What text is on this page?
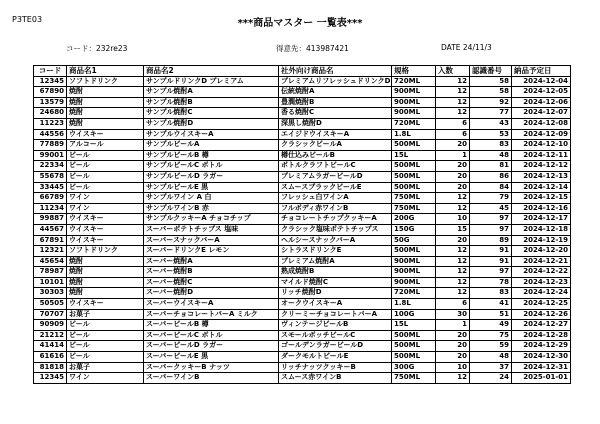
P3TE03	***商品マスター 一覧表***
コード：232re23	得意先：413987421	DATE 24/11/3
コード	商品名1	商品名2	社外向け商品名	規格	入数	認識番号	納品予定日
12345	ソフトドリンク	サンプルドリンクD プレミアム	プレミアムリフレッシュドリンクD	720ML	12	58	2024-12-04
67890	焼酎	サンプル焼酎A	伝統焼酎A	900ML	12	58	2024-12-05
13579	焼酎	サンプル焼酎B	豊潤焼酎B	900ML	12	92	2024-12-06
24680	焼酎	サンプル焼酎C	香る焼酎C	900ML	12	77	2024-12-07
11223	焼酎	サンプル焼酎D	深黒し焼酎D	720ML	6	43	2024-12-08
44556	ウイスキー	サンプルウイスキーA	エイジドウイスキーA	1.8L	6	53	2024-12-09
77889	アルコール	サンプルビールA	クラシックビールA	500ML	20	83	2024-12-10
99001	ビール	サンプルビールB 樽	樽仕込みビールB	15L	1	48	2024-12-11
22334	ビール	サンプルビールC ボトル	ボトルクラフトビールC	500ML	20	81	2024-12-12
55678	ビール	サンプルビールD ラガー	プレミアムラガービールD	500ML	20	86	2024-12-13
33445	ビール	サンプルビールE 黒	スムースブラックビールE	500ML	20	84	2024-12-14
66789	ワイン	サンプルワイン A 白	フレッシュ白ワインA	750ML	12	79	2024-12-15
11234	ワイン	サンプルワインB 赤	フルボディ赤ワインB	750ML	12	45	2024-12-16
99887	ウイスキー	サンプルクッキーA チョコチップ	チョコレートチップクッキーA	200G	10	97	2024-12-17
44567	ウイスキー	スーパーポテトチップス 塩味	クラシック塩味ポテトチップス	150G	15	97	2024-12-18
67891	ウイスキー	スーパースナックバーA	ヘルシースナックバーA	50G	20	89	2024-12-19
12321	ソフトドリンク	スーパードリンクE レモン	シトラスドリンクE	500ML	12	91	2024-12-20
45654	焼酎	スーパー焼酎A	プレミアム焼酎A	900ML	12	91	2024-12-21
78987	焼酎	スーパー焼酎B	熟成焼酎B	900ML	12	97	2024-12-22
10101	焼酎	スーパー焼酎C	マイルド焼酎C	900ML	12	78	2024-12-23
30303	焼酎	スーパー焼酎D	リッチ焼酎D	720ML	12	83	2024-12-24
50505	ウイスキー	スーパーウイスキーA	オークウイスキーA	1.8L	6	41	2024-12-25
70707	お菓子	スーパーチョコレートバーA ミルク	クリーミーチョコレートバーA	100G	30	51	2024-12-26
90909	ビール	スーパービールB 樽	ヴィンテージビールB	15L	1	49	2024-12-27
21212	ビール	スーパービールC ボトル	スモールボッチビールC	500ML	20	75	2024-12-28
41414	ビール	スーパービールD ラガー	ゴールデンラガービールD	500ML	20	59	2024-12-29
61616	ビール	スーパービールE 黒	ダークモルトビールE	500ML	20	48	2024-12-30
81818	お菓子	スーパークッキーB ナッツ	リッチナッツクッキーB	300G	10	37	2024-12-31
12345	ワイン	スーパーワインB	スムース赤ワインB	750ML	12	24	2025-01-01
